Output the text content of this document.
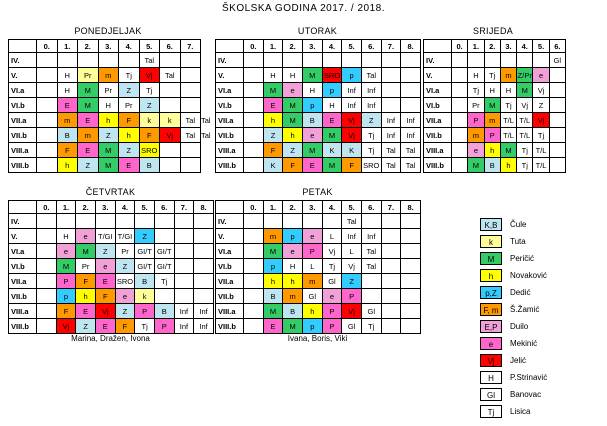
ŠKOLSKA GODINA 2017. / 2018.
PONEDJELJAK
	0.	1.	2.	3.	4.	5.	6.	7.	
IV.						Tal			
V.		H	Pr	m	Tj	Vj	Tal		
VI.a		H	M	Pr	Z	Tj			
VI.b		E	M	H	Pr	Z			
VII.a		m	E	h	F	k	k	Tal	Tal
VII.b		B	m	Z	h	F	Vj	Tal	Tal
VIII.a		F	E	M	Z	SRO			
VIII.b		h	Z	M	E	B			
UTORAK
	0.	1.	2.	3.	4.	5.	6.	7.	8.
IV.									
V.		H	H	M	SRO	p	Tal		
VI.a		M	e	H	p	Inf	Inf		
VI.b		E	M	p	H	Inf	Inf		
VII.a		h	M	B	E	Vj	Z	Inf	Inf
VII.b		Z	h	e	M	Vj	Tj	Inf	Inf
VIII.a		F	Z	M	K	K	Tj	Tal	Tal
VIII.b		K	F	E	M	F	SRO	Tal	Tal
SRIJEDA
	0.	1.	2.	3.	4.	5.	6.
IV.							Gl
V.		H	Tj	m	Z/Pr	e	
VI.a		Tj	H	H	M	Vj	
VI.b		Pr	M	Tj	Vj	Z	
VII.a		P	m	T/L	T/L	Vj	
VII.b		m	P	T/L	T/L	Tj	
VIII.a		e	h	M	Tj	T/L	
VIII.b		M	B	h	Tj	T/L	
ČETVRTAK
	0.	1.	2.	3.	4.	5.	6.	7.	8.
IV.									
V.		H	e	T/GI	T/GI	Z			
VI.a		e	M	Z	Pr	GI/T	GI/T		
VI.b		M	Pr	e	Z	GI/T	GI/T		
VII.a		P	F	E	SRO	B	Tj		
VII.b		p	h	F	e	k			
VIII.a		F	E	Vj	Z	P	B	Inf	Inf
VIII.b		Vj	Z	E	F	Tj	P	Inf	Inf
Marina, Dražen, Ivona
PETAK
	0.	1.	2.	3.	4.	5.	6.	7.	8.
IV.						Tal			
V.		m	p	e	L	Inf	Inf		
VI.a		M	e	P	Vj	L	Tal		
VI.b		p	H	L	Tj	Vj	Tal		
VII.a		h	h	m	Gl	Z			
VII.b		B	m	Gl	e	P			
VIII.a		M	B	h	P	Vj	Gl		
VIII.b		E	M	p	P	Gl	Tj		
Ivana, Boris, Viki
K,B	Čule
k	Tuta
M	Peričić
h	Novaković
p,Z	Dedić
F, m	Š.Žamić
E,P	Duilo
e	Mekinić
Vj	Jelić
H	P.Strinavić
Gl	Banovac
Tj	Lisica
